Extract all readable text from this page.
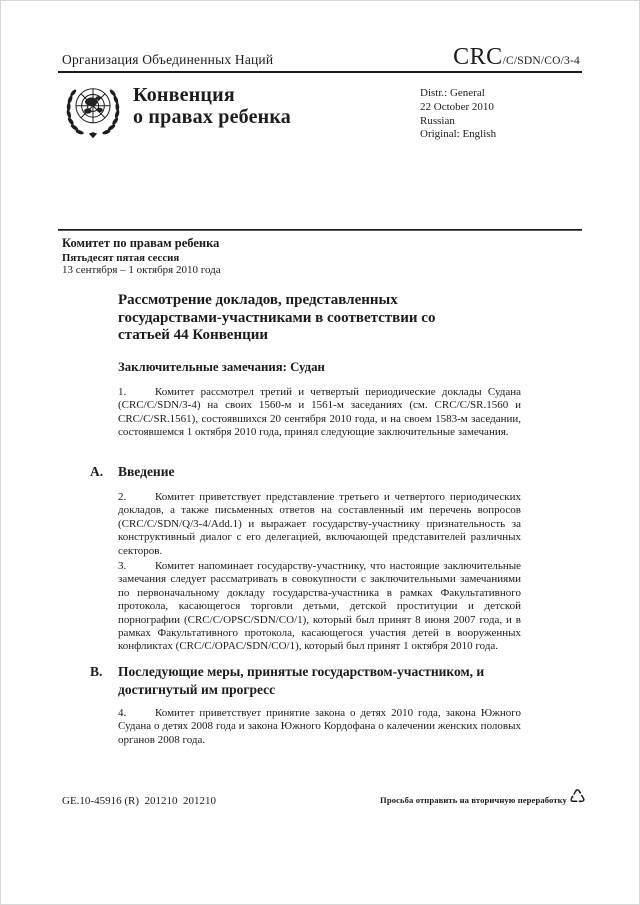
Организация Объединенных Наций	CRC/C/SDN/CO/3-4
Конвенция
о правах ребенка
Distr.: General
22 October 2010
Russian
Original: English
Комитет по правам ребенка
Пятьдесят пятая сессия
13 сентября – 1 октября 2010 года
Рассмотрение докладов, представленных государствами-участниками в соответствии со статьей 44 Конвенции
Заключительные замечания: Судан
1.	Комитет рассмотрел третий и четвертый периодические доклады Судана (CRC/C/SDN/3-4) на своих 1560-м и 1561-м заседаниях (см. CRC/C/SR.1560 и CRC/C/SR.1561), состоявшихся 20 сентября 2010 года, и на своем 1583-м заседании, состоявшемся 1 октября 2010 года, принял следующие заключительные замечания.
A. Введение
2.	Комитет приветствует представление третьего и четвертого периодических докладов, а также письменных ответов на составленный им перечень вопросов (CRC/C/SDN/Q/3-4/Add.1) и выражает государству-участнику признательность за конструктивный диалог с его делегацией, включающей представителей различных секторов.
3.	Комитет напоминает государству-участнику, что настоящие заключительные замечания следует рассматривать в совокупности с заключительными замечаниями по первоначальному докладу государства-участника в рамках Факультативного протокола, касающегося торговли детьми, детской проституции и детской порнографии (CRC/C/OPSC/SDN/CO/1), который был принят 8 июня 2007 года, и в рамках Факультативного протокола, касающегося участия детей в вооруженных конфликтах (CRC/C/OPAC/SDN/CO/1), который был принят 1 октября 2010 года.
B. Последующие меры, принятые государством-участником, и достигнутый им прогресс
4.	Комитет приветствует принятие закона о детях 2010 года, закона Южного Судана о детях 2008 года и закона Южного Кордофана о калечении женских половых органов 2008 года.
GE.10-45916 (R)  201210  201210	Просьба отправить на вторичную переработку ♺
